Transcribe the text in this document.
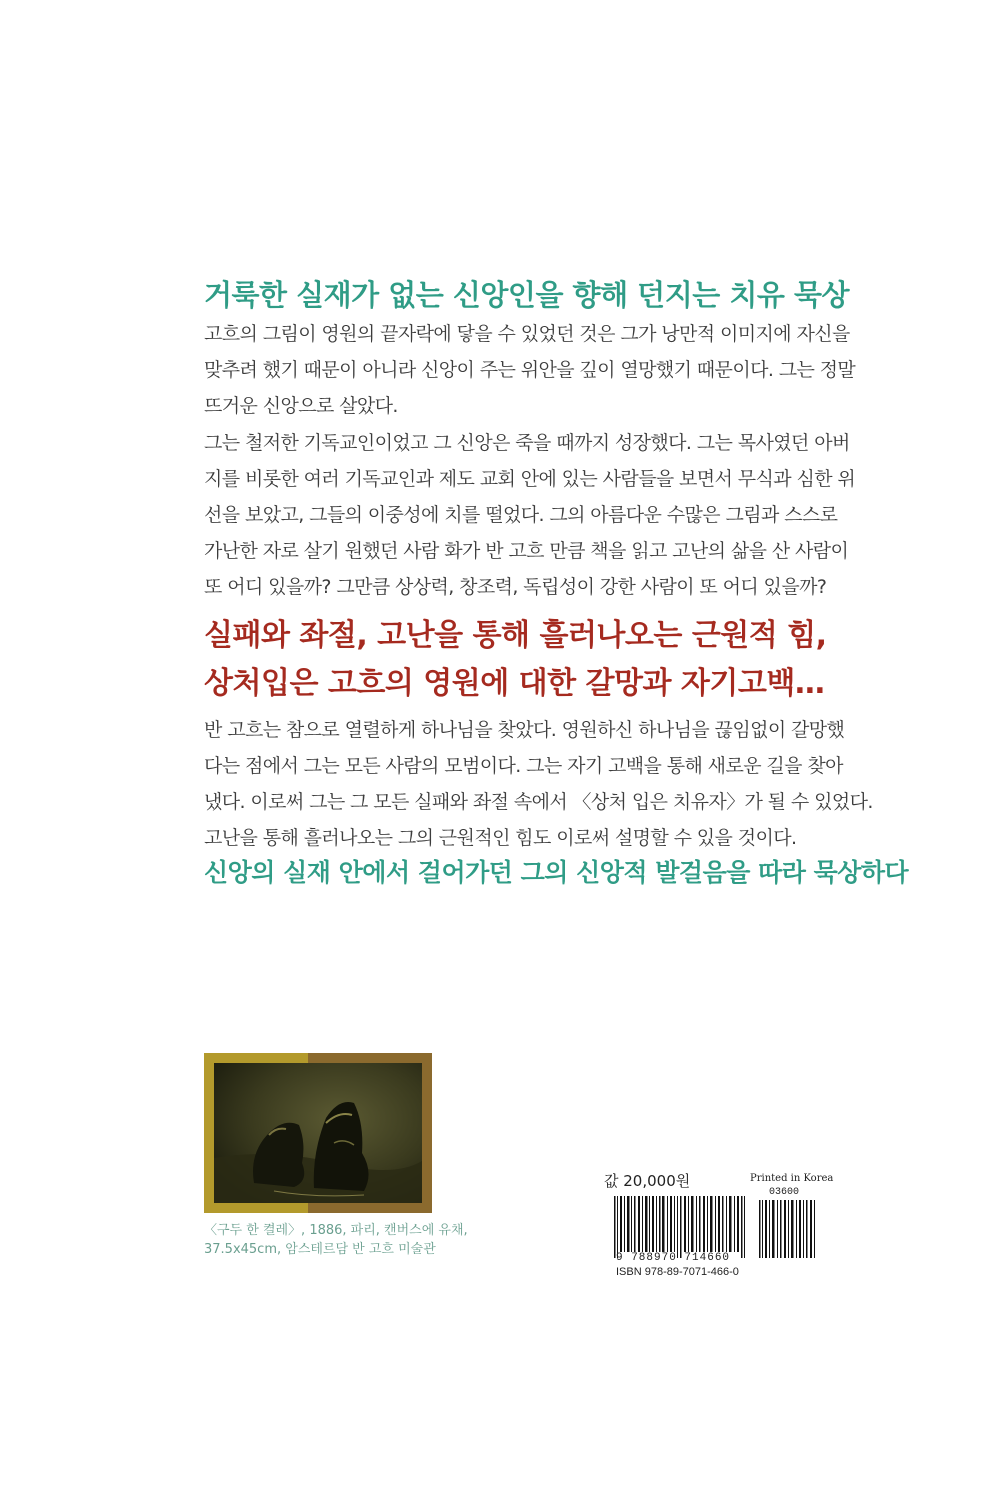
거룩한 실재가 없는 신앙인을 향해 던지는 치유 묵상
고흐의 그림이 영원의 끝자락에 닿을 수 있었던 것은 그가 낭만적 이미지에 자신을
맞추려 했기 때문이 아니라 신앙이 주는 위안을 깊이 열망했기 때문이다. 그는 정말
뜨거운 신앙으로 살았다.
그는 철저한 기독교인이었고 그 신앙은 죽을 때까지 성장했다. 그는 목사였던 아버
지를 비롯한 여러 기독교인과 제도 교회 안에 있는 사람들을 보면서 무식과 심한 위
선을 보았고, 그들의 이중성에 치를 떨었다. 그의 아름다운 수많은 그림과 스스로
가난한 자로 살기 원했던 사람 화가 반 고흐 만큼 책을 읽고 고난의 삶을 산 사람이
또 어디 있을까? 그만큼 상상력, 창조력, 독립성이 강한 사람이 또 어디 있을까?
실패와 좌절, 고난을 통해 흘러나오는 근원적 힘,
상처입은 고흐의 영원에 대한 갈망과 자기고백…
반 고흐는 참으로 열렬하게 하나님을 찾았다. 영원하신 하나님을 끊임없이 갈망했
다는 점에서 그는 모든 사람의 모범이다. 그는 자기 고백을 통해 새로운 길을 찾아
냈다. 이로써 그는 그 모든 실패와 좌절 속에서 〈상처 입은 치유자〉가 될 수 있었다.
고난을 통해 흘러나오는 그의 근원적인 힘도 이로써 설명할 수 있을 것이다.
신앙의 실재 안에서 걸어가던 그의 신앙적 발걸음을 따라 묵상하다
〈구두 한 켤레〉, 1886, 파리, 캔버스에 유채,
37.5x45cm, 암스테르담 반 고흐 미술관
값 20,000원	Printed in Korea
03600
9 788970 714660
ISBN 978-89-7071-466-0
